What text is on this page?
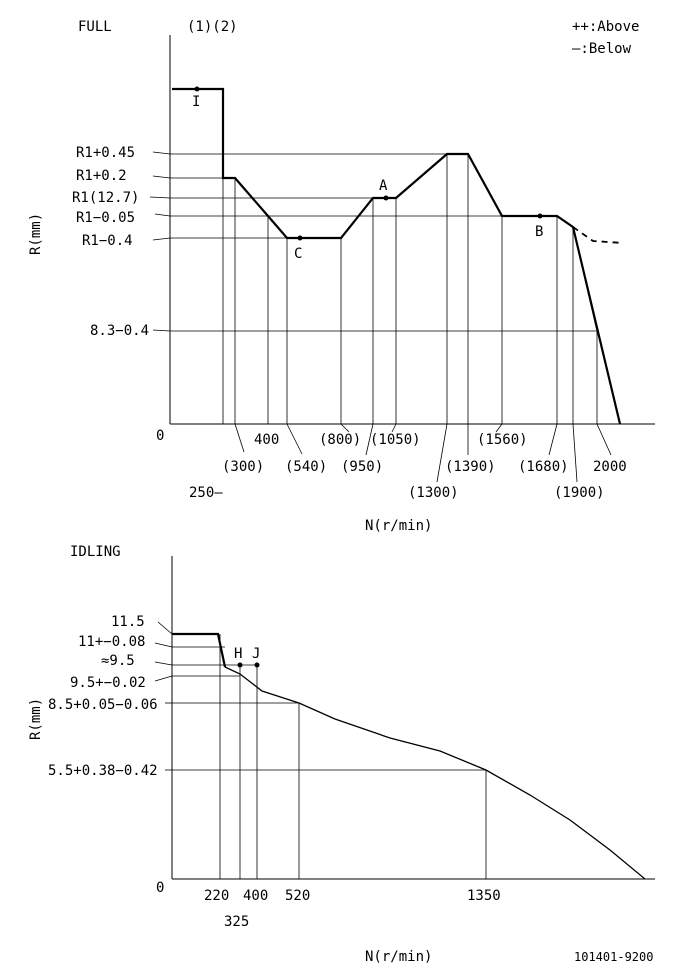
FULL	(1)(2)	++:Above
—:Below
0
R(mm)
N(r/min)
R1+0.45
R1+0.2
R1(12.7)
R1−0.05
R1−0.4
8.3−0.4
250—
(300)
400
(540)
(800)
(950)
(1050)
(1300)
(1390)
(1560)
(1680)
(1900)
2000
I
A
B
C
IDLING
0
R(mm)
N(r/min)
11.5
11+−0.08
≈9.5
9.5+−0.02
8.5+0.05−0.06
5.5+0.38−0.42
220
325
400 520	1350
H J
101401-9200
